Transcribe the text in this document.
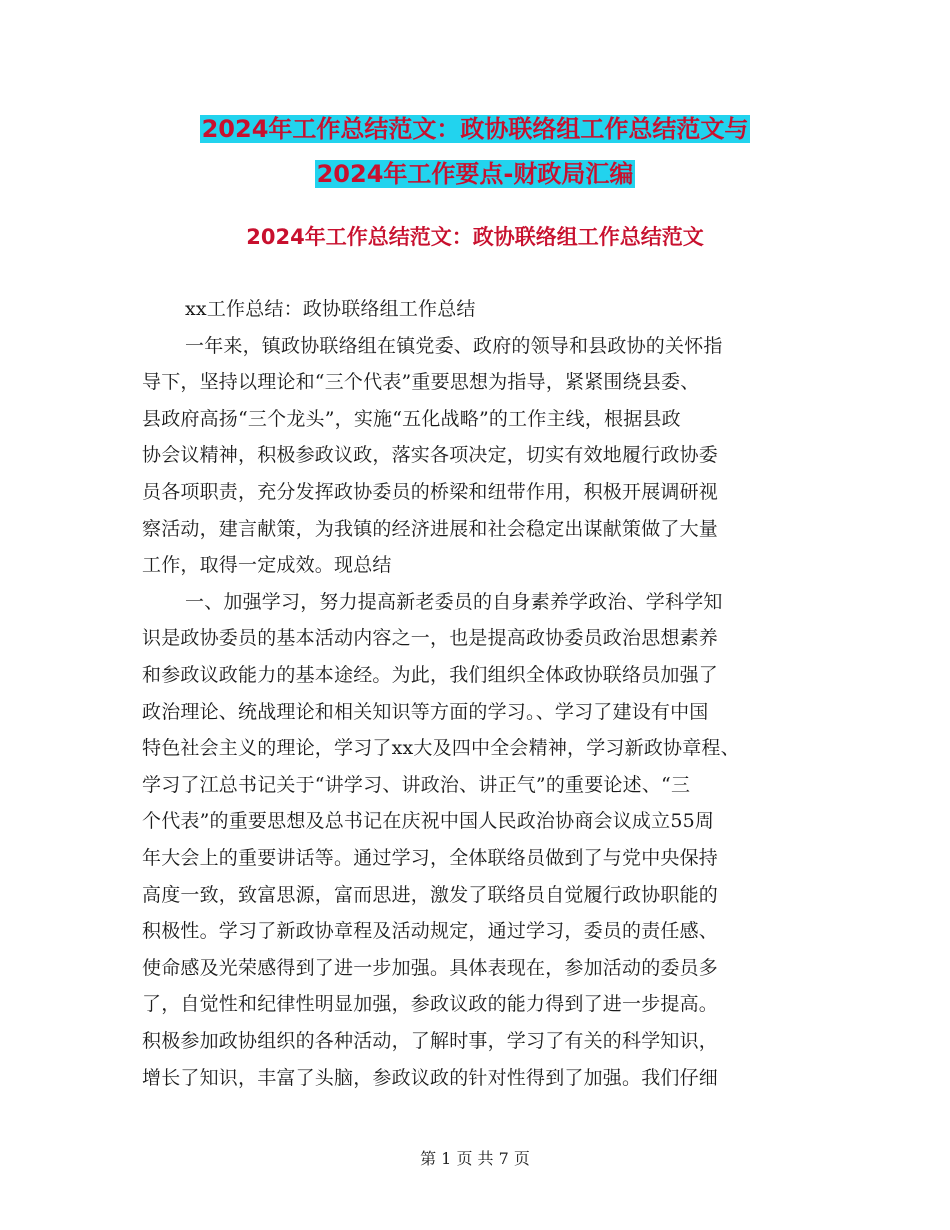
2024年工作总结范文：政协联络组工作总结范文与
2024年工作要点-财政局汇编
2024年工作总结范文：政协联络组工作总结范文
xx工作总结：政协联络组工作总结
一年来，镇政协联络组在镇党委、政府的领导和县政协的关怀指
导下，坚持以理论和“三个代表”重要思想为指导，紧紧围绕县委、
县政府高扬“三个龙头”，实施“五化战略”的工作主线，根据县政
协会议精神，积极参政议政，落实各项决定，切实有效地履行政协委
员各项职责，充分发挥政协委员的桥梁和纽带作用，积极开展调研视
察活动，建言献策，为我镇的经济进展和社会稳定出谋献策做了大量
工作，取得一定成效。现总结
一、加强学习，努力提高新老委员的自身素养学政治、学科学知
识是政协委员的基本活动内容之一，也是提高政协委员政治思想素养
和参政议政能力的基本途经。为此，我们组织全体政协联络员加强了
政治理论、统战理论和相关知识等方面的学习。、学习了建设有中国
特色社会主义的理论，学习了xx大及四中全会精神，学习新政协章程、
学习了江总书记关于“讲学习、讲政治、讲正气”的重要论述、“三
个代表”的重要思想及总书记在庆祝中国人民政治协商会议成立55周
年大会上的重要讲话等。通过学习，全体联络员做到了与党中央保持
高度一致，致富思源，富而思进，激发了联络员自觉履行政协职能的
积极性。学习了新政协章程及活动规定，通过学习，委员的责任感、
使命感及光荣感得到了进一步加强。具体表现在，参加活动的委员多
了，自觉性和纪律性明显加强，参政议政的能力得到了进一步提高。
积极参加政协组织的各种活动，了解时事，学习了有关的科学知识，
增长了知识，丰富了头脑，参政议政的针对性得到了加强。我们仔细
第 1 页 共 7 页
